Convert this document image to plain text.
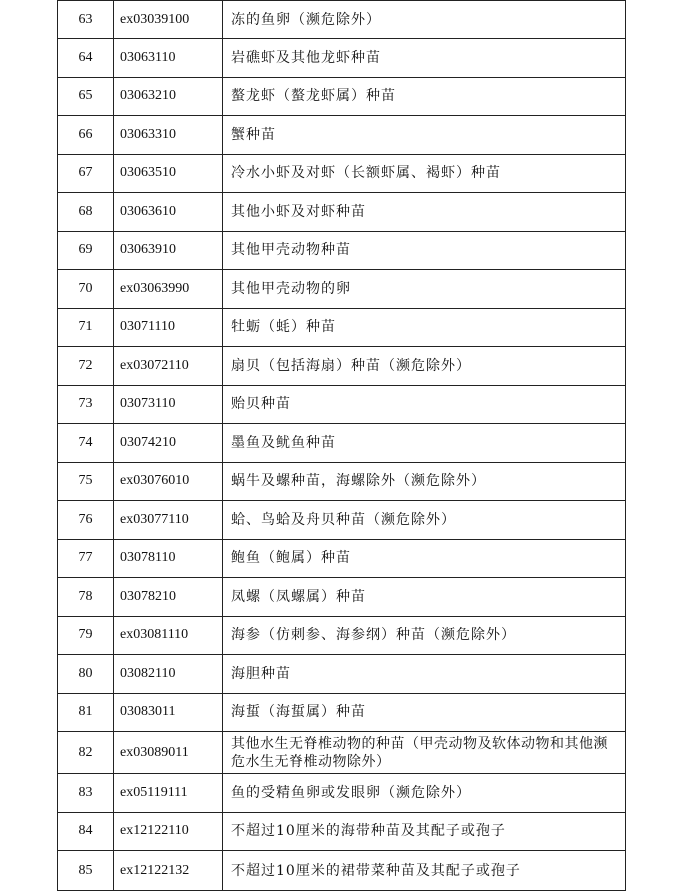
63	ex03039100	冻的鱼卵（濒危除外）
64	03063110	岩礁虾及其他龙虾种苗
65	03063210	螯龙虾（螯龙虾属）种苗
66	03063310	蟹种苗
67	03063510	冷水小虾及对虾（长额虾属、褐虾）种苗
68	03063610	其他小虾及对虾种苗
69	03063910	其他甲壳动物种苗
70	ex03063990	其他甲壳动物的卵
71	03071110	牡蛎（蚝）种苗
72	ex03072110	扇贝（包括海扇）种苗（濒危除外）
73	03073110	贻贝种苗
74	03074210	墨鱼及鱿鱼种苗
75	ex03076010	蜗牛及螺种苗，海螺除外（濒危除外）
76	ex03077110	蛤、鸟蛤及舟贝种苗（濒危除外）
77	03078110	鲍鱼（鲍属）种苗
78	03078210	凤螺（凤螺属）种苗
79	ex03081110	海参（仿刺参、海参纲）种苗（濒危除外）
80	03082110	海胆种苗
81	03083011	海蜇（海蜇属）种苗
82	ex03089011	其他水生无脊椎动物的种苗（甲壳动物及软体动物和其他濒危水生无脊椎动物除外）
83	ex05119111	鱼的受精鱼卵或发眼卵（濒危除外）
84	ex12122110	不超过10厘米的海带种苗及其配子或孢子
85	ex12122132	不超过10厘米的裙带菜种苗及其配子或孢子
